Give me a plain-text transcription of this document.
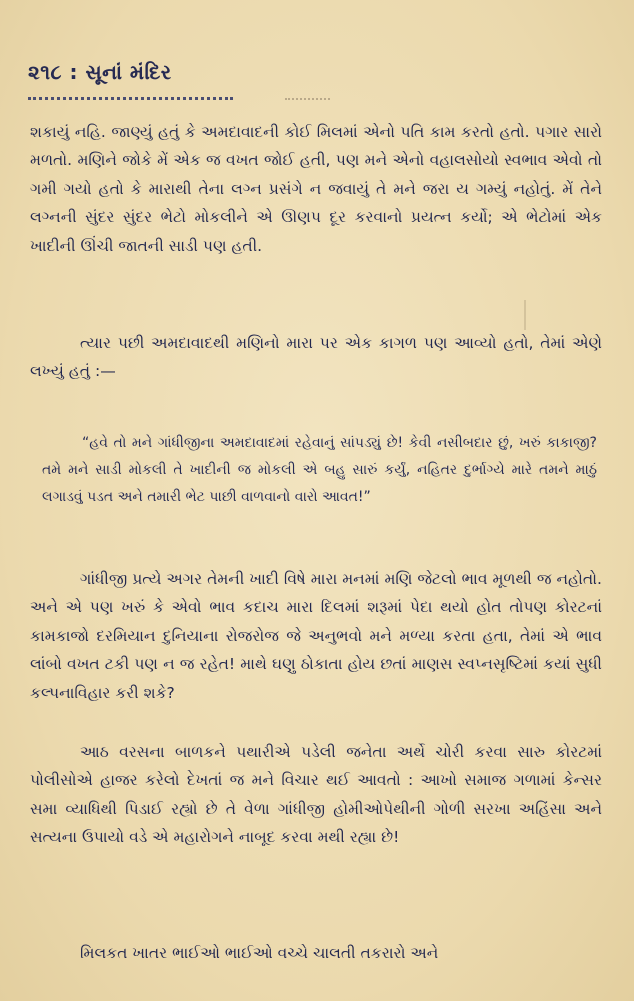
૨૧૮ : સૂનાં મંદિર

શકાયું નહિ. જાણ્યું હતું કે અમદાવાદની કોઈ મિલમાં એનો પતિ કામ કરતો હતો. પગાર સારો મળતો. મણિને જોકે મેં એક જ વખત જોઈ હતી, પણ મને એનો વહાલસોયો સ્વભાવ એવો તો ગમી ગયો હતો કે મારાથી તેના લગ્ન પ્રસંગે ન જવાયું તે મને જરા ય ગમ્યું નહોતું. મેં તેને લગ્નની સુંદર સુંદર ભેટો મોકલીને એ ઊણપ દૂર કરવાનો પ્રયત્ન કર્યો; એ ભેટોમાં એક ખાદીની ઊંચી જાતની સાડી પણ હતી.

ત્યાર પછી અમદાવાદથી મણિનો મારા પર એક કાગળ પણ આવ્યો હતો, તેમાં એણે લખ્યું હતું :—

“હવે તો મને ગાંધીજીના અમદાવાદમાં રહેવાનું સાંપડ્યું છે! કેવી નસીબદાર છું, ખરું કાકાજી? તમે મને સાડી મોકલી તે ખાદીની જ મોકલી એ બહુ સારું કર્યું, નહિતર દુર્ભાગ્યે મારે તમને માઠું લગાડવું પડત અને તમારી ભેટ પાછી વાળવાનો વારો આવત!”

ગાંધીજી પ્રત્યે અગર તેમની ખાદી વિષે મારા મનમાં મણિ જેટલો ભાવ મૂળથી જ નહોતો. અને એ પણ ખરું કે એવો ભાવ કદાચ મારા દિલમાં શરૂમાં પેદા થયો હોત તોપણ કોરટનાં કામકાજો દરમિયાન દુનિયાના રોજરોજ જે અનુભવો મને મળ્યા કરતા હતા, તેમાં એ ભાવ લાંબો વખત ટકી પણ ન જ રહેત! માથે ઘણુ ઠોકાતા હોય છતાં માણસ સ્વપ્નસૃષ્ટિમાં કયાં સુધી કલ્પનાવિહાર કરી શકે?

આઠ વરસના બાળકને પથારીએ પડેલી જનેતા અર્થે ચોરી કરવા સારુ કોરટમાં પોલીસોએ હાજર કરેલો દેખતાં જ મને વિચાર થઈ આવતો : આખો સમાજ ગળામાં કેન્સર સમા વ્યાધિથી પિડાઈ રહ્યો છે તે વેળા ગાંધીજી હોમીઓપેથીની ગોળી સરખા અહિંસા અને સત્યના ઉપાયો વડે એ મહારોગને નાબૂદ કરવા મથી રહ્યા છે!

મિલકત ખાતર ભાઈઓ ભાઈઓ વચ્ચે ચાલતી તકરારો અને
